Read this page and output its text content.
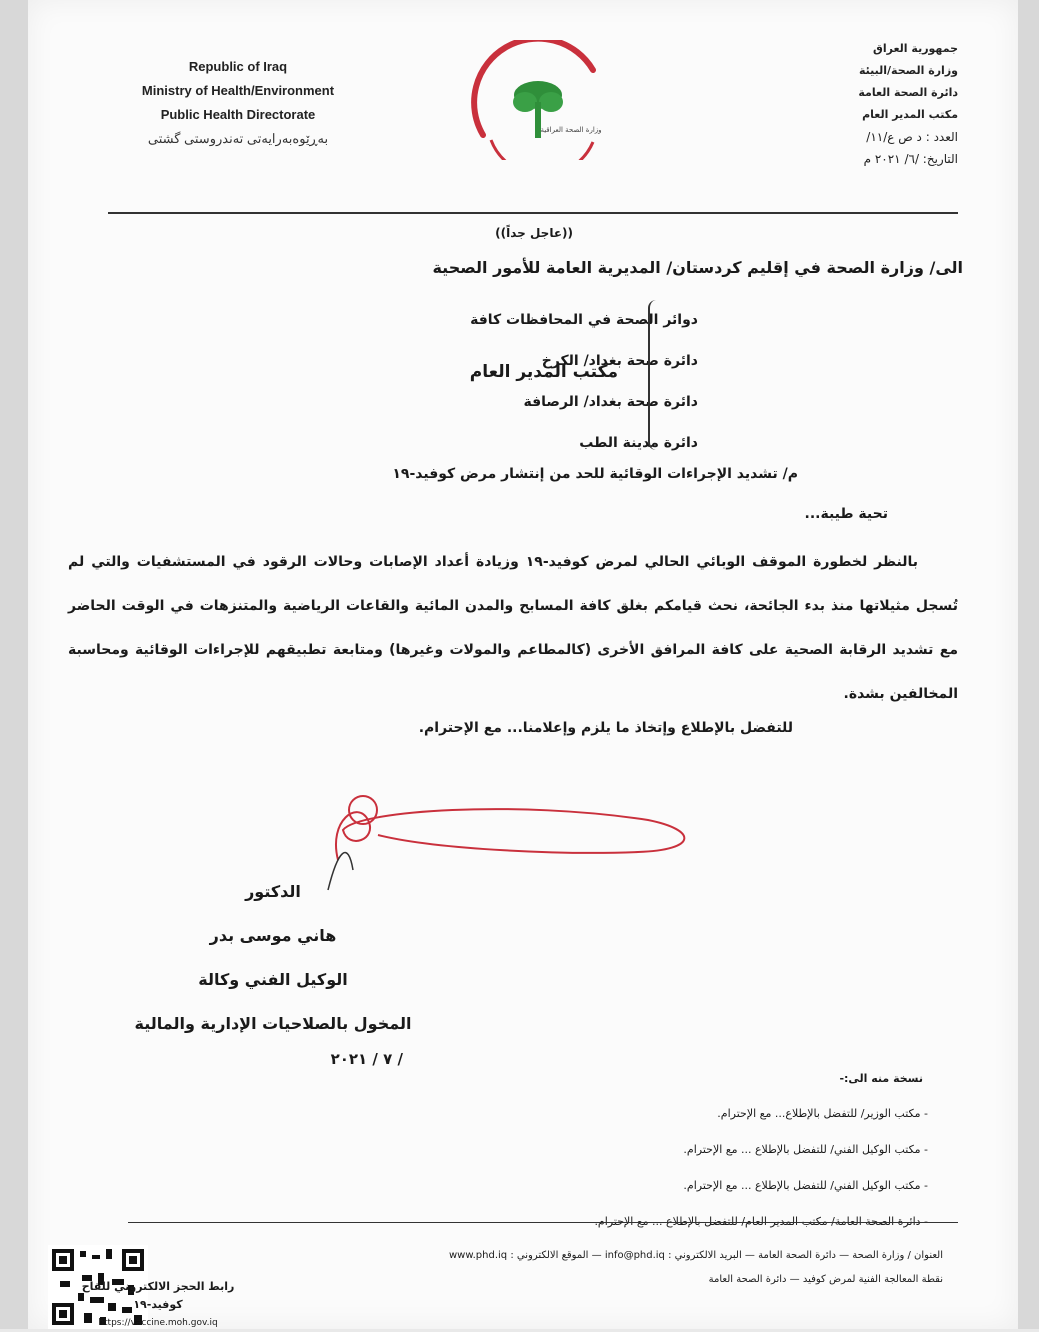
Republic of Iraq
Ministry of Health/Environment
Public Health Directorate
بەڕێوەبەرایەتی تەندروستی گشتی
وزارة الصحة العراقية
جمهورية العراق
وزارة الصحة/البيئة
دائرة الصحة العامة
مكتب المدير العام
العدد : د ص ع/١١/
التاريخ: /٦/ ٢٠٢١ م
((عاجل جداً))
الى/ وزارة الصحة في إقليم كردستان/ المديرية العامة للأمور الصحية
دوائر الصحة في المحافظات كافة
دائرة صحة بغداد/ الكرخ
دائرة صحة بغداد/ الرصافة
دائرة مدينة الطب
مكتب المدير العام
م/ تشديد الإجراءات الوقائية للحد من إنتشار مرض كوفيد-١٩
تحية طيبة...
بالنظر لخطورة الموقف الوبائي الحالي لمرض كوفيد-١٩ وزيادة أعداد الإصابات وحالات الرقود في المستشفيات والتي لم تُسجل مثيلاتها منذ بدء الجائحة، نحث قيامكم بغلق كافة المسابح والمدن المائية والقاعات الرياضية والمتنزهات في الوقت الحاضر مع تشديد الرقابة الصحية على كافة المرافق الأخرى (كالمطاعم والمولات وغيرها) ومتابعة تطبيقهم للإجراءات الوقائية ومحاسبة المخالفين بشدة.
للتفضل بالإطلاع وإتخاذ ما يلزم وإعلامنا... مع الإحترام.
الدكتور
هاني موسى بدر
الوكيل الفني وكالة
المخول بالصلاحيات الإدارية والمالية
/ ٧ / ٢٠٢١
نسخة منه الى:-
- مكتب الوزير/ للتفضل بالإطلاع... مع الإحترام.
- مكتب الوكيل الفني/ للتفضل بالإطلاع ... مع الإحترام.
- مكتب الوكيل الفني/ للتفضل بالإطلاع ... مع الإحترام.
- دائرة الصحة العامة/ مكتب المدير العام/ للتفضل بالإطلاع ... مع الإحترام.
العنوان / وزارة الصحة — دائرة الصحة العامة — البريد الالكتروني : info@phd.iq — الموقع الالكتروني : www.phd.iq
نقطة المعالجة الفنية لمرض كوفيد — دائرة الصحة العامة
رابط الحجز الالكتروني للقاح كوفيد-١٩
https://vaccine.moh.gov.iq
